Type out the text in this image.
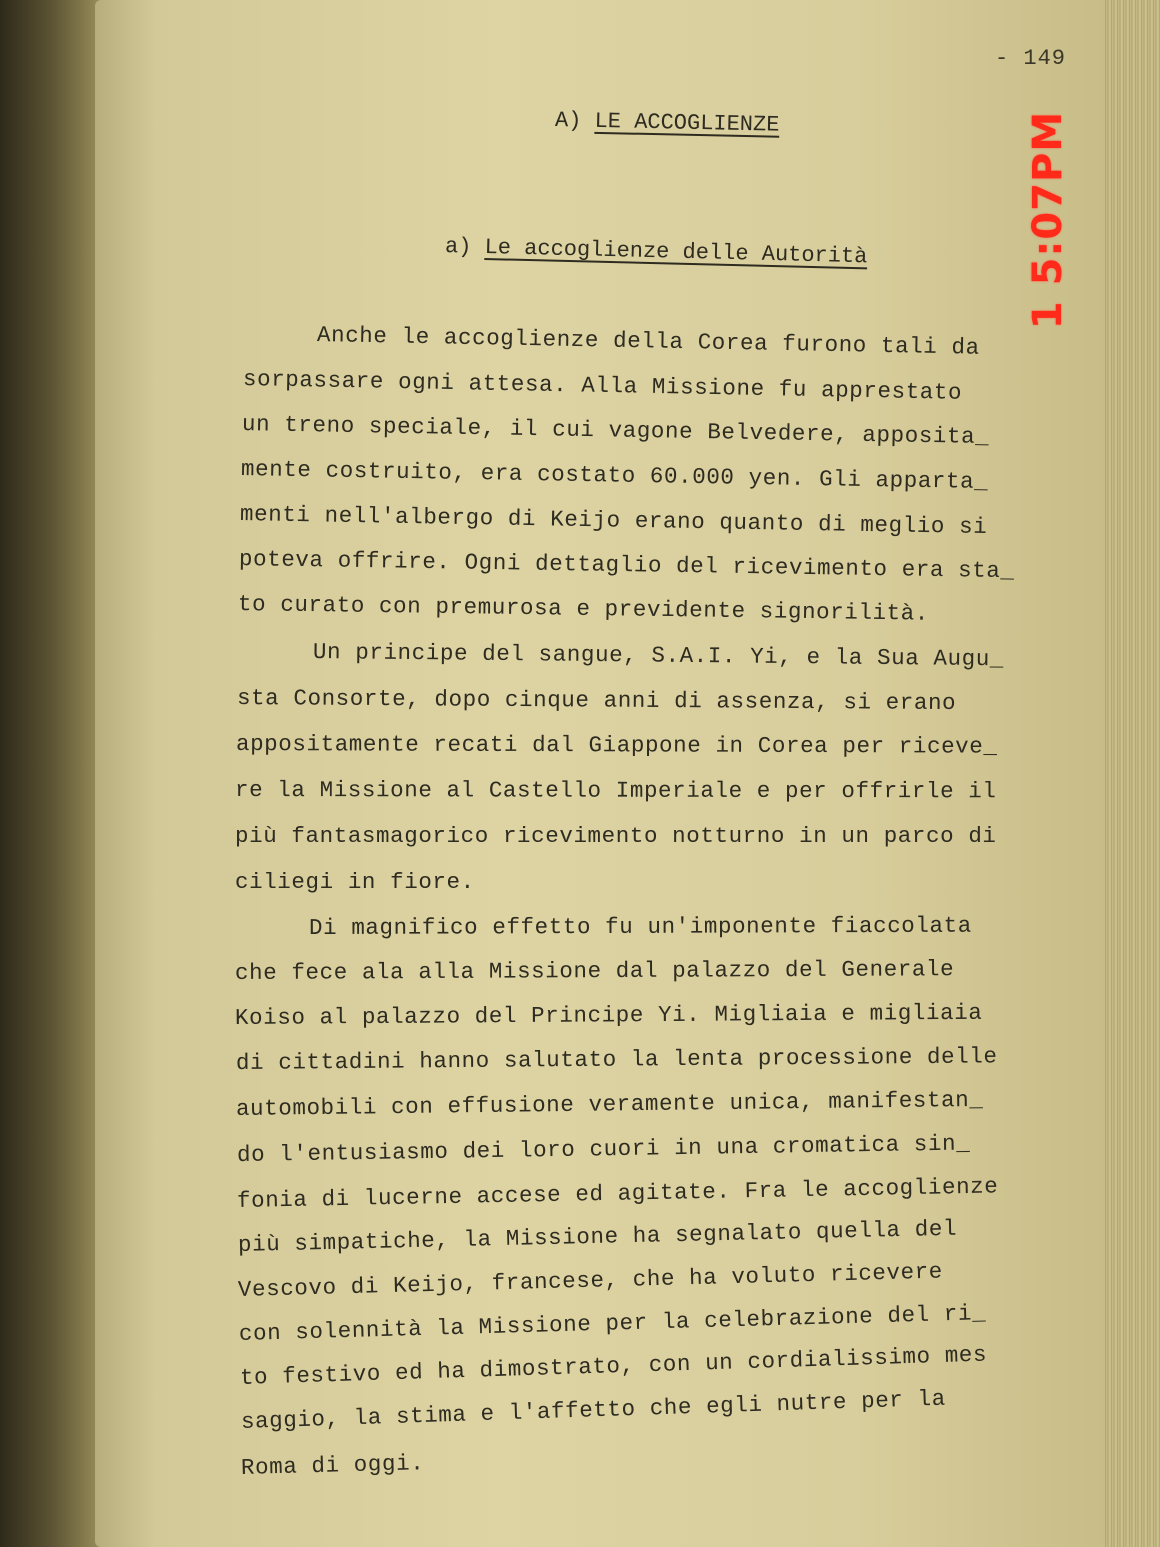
- 149
A) LE ACCOGLIENZE
a) Le accoglienze delle Autorità
Anche le accoglienze della Corea furono tali da
sorpassare ogni attesa. Alla Missione fu apprestato
un treno speciale, il cui vagone Belvedere, apposita_
mente costruito, era costato 60.000 yen. Gli apparta_
menti nell'albergo di Keijo erano quanto di meglio si
poteva offrire. Ogni dettaglio del ricevimento era sta_
to curato con premurosa e previdente signorilità.
Un principe del sangue, S.A.I. Yi, e la Sua Augu_
sta Consorte, dopo cinque anni di assenza, si erano
appositamente recati dal Giappone in Corea per riceve_
re la Missione al Castello Imperiale e per offrirle il
più fantasmagorico ricevimento notturno in un parco di
ciliegi in fiore.
Di magnifico effetto fu un'imponente fiaccolata
che fece ala alla Missione dal palazzo del Generale
Koiso al palazzo del Principe Yi. Migliaia e migliaia
di cittadini hanno salutato la lenta processione delle
automobili con effusione veramente unica, manifestan_
do l'entusiasmo dei loro cuori in una cromatica sin_
fonia di lucerne accese ed agitate. Fra le accoglienze
più simpatiche, la Missione ha segnalato quella del
Vescovo di Keijo, francese, che ha voluto ricevere
con solennità la Missione per la celebrazione del ri_
to festivo ed ha dimostrato, con un cordialissimo mes
saggio, la stima e l'affetto che egli nutre per la
Roma di oggi.
1 5:07PM
